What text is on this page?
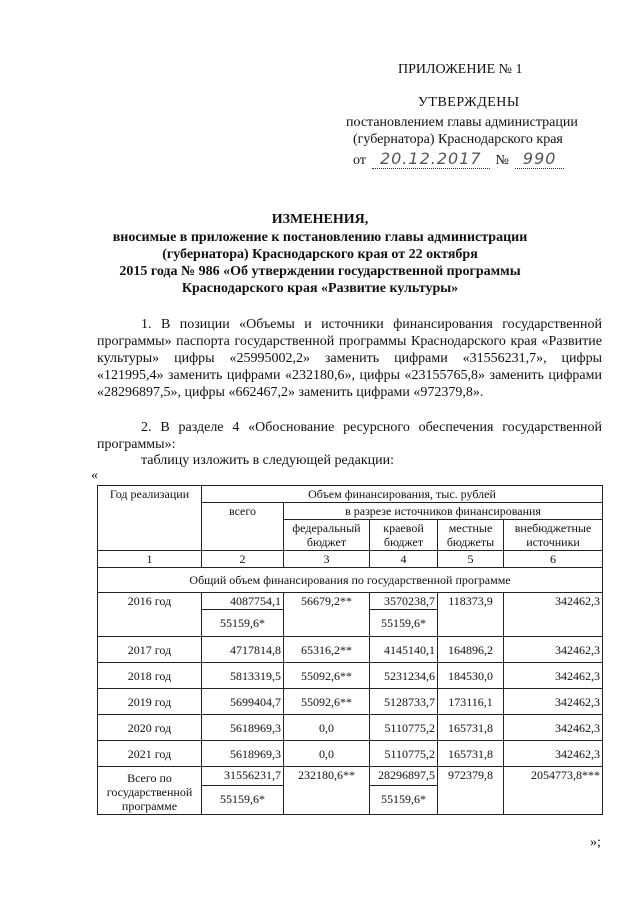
ПРИЛОЖЕНИЕ № 1
УТВЕРЖДЕНЫ
постановлением главы администрации
(губернатора) Краснодарского края
от 20.12.2017	№ 990
ИЗМЕНЕНИЯ,
вносимые в приложение к постановлению главы администрации
(губернатора) Краснодарского края от 22 октября
2015 года № 986 «Об утверждении государственной программы
Краснодарского края «Развитие культуры»
1. В позиции «Объемы и источники финансирования государственной программы» паспорта государственной программы Краснодарского края «Развитие культуры» цифры «25995002,2» заменить цифрами «31556231,7», цифры «121995,4» заменить цифрами «232180,6», цифры «23155765,8» заменить цифрами «28296897,5», цифры «662467,2» заменить цифрами «972379,8».
2. В разделе 4 «Обоснование ресурсного обеспечения государственной программы»:
таблицу изложить в следующей редакции:
«
Год реализации	Объем финансирования, тыс. рублей				
	всего	в разрезе источников финансирования			
		федеральный бюджет	краевой бюджет	местные бюджеты	внебюджетные источники
1	2	3	4	5	6
Общий объем финансирования по государственной программе					
2016 год	4087754,1	56679,2**	3570238,7	118373,9	342462,3
	55159,6*		55159,6*		
2017 год	4717814,8	65316,2**	4145140,1	164896,2	342462,3
2018 год	5813319,5	55092,6**	5231234,6	184530,0	342462,3
2019 год	5699404,7	55092,6**	5128733,7	173116,1	342462,3
2020 год	5618969,3	0,0	5110775,2	165731,8	342462,3
2021 год	5618969,3	0,0	5110775,2	165731,8	342462,3
Всего по государственной программе	31556231,7	232180,6**	28296897,5	972379,8	2054773,8***
	55159,6*		55159,6*		
»;
